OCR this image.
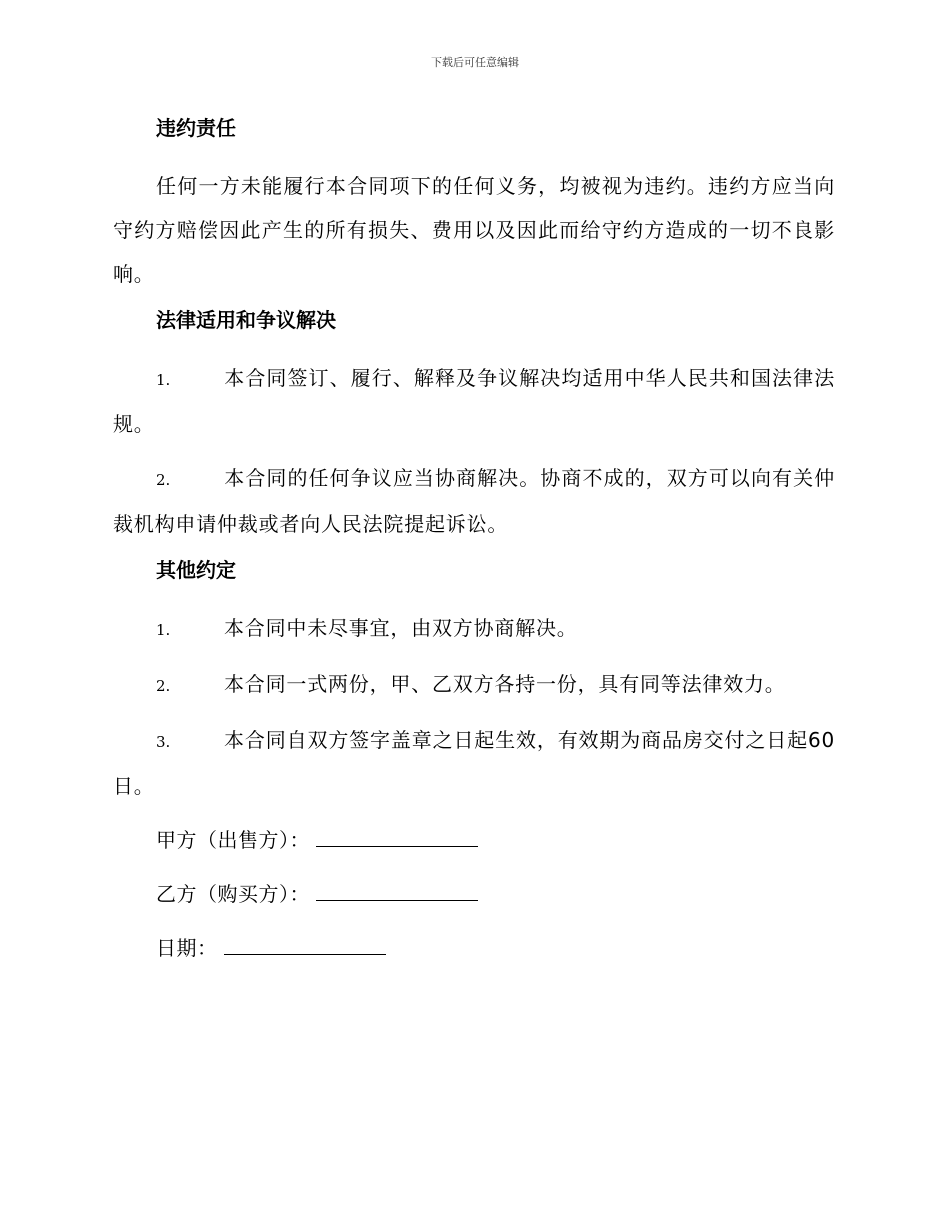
下载后可任意编辑
违约责任

任何一方未能履行本合同项下的任何义务，均被视为违约。违约方应当向守约方赔偿因此产生的所有损失、费用以及因此而给守约方造成的一切不良影响。

法律适用和争议解决

1.	本合同签订、履行、解释及争议解决均适用中华人民共和国法律法规。

2.	本合同的任何争议应当协商解决。协商不成的，双方可以向有关仲裁机构申请仲裁或者向人民法院提起诉讼。

其他约定

1.	本合同中未尽事宜，由双方协商解决。

2.	本合同一式两份，甲、乙双方各持一份，具有同等法律效力。

3.	本合同自双方签字盖章之日起生效，有效期为商品房交付之日起60日。

甲方（出售方）：
乙方（购买方）：
日期：
